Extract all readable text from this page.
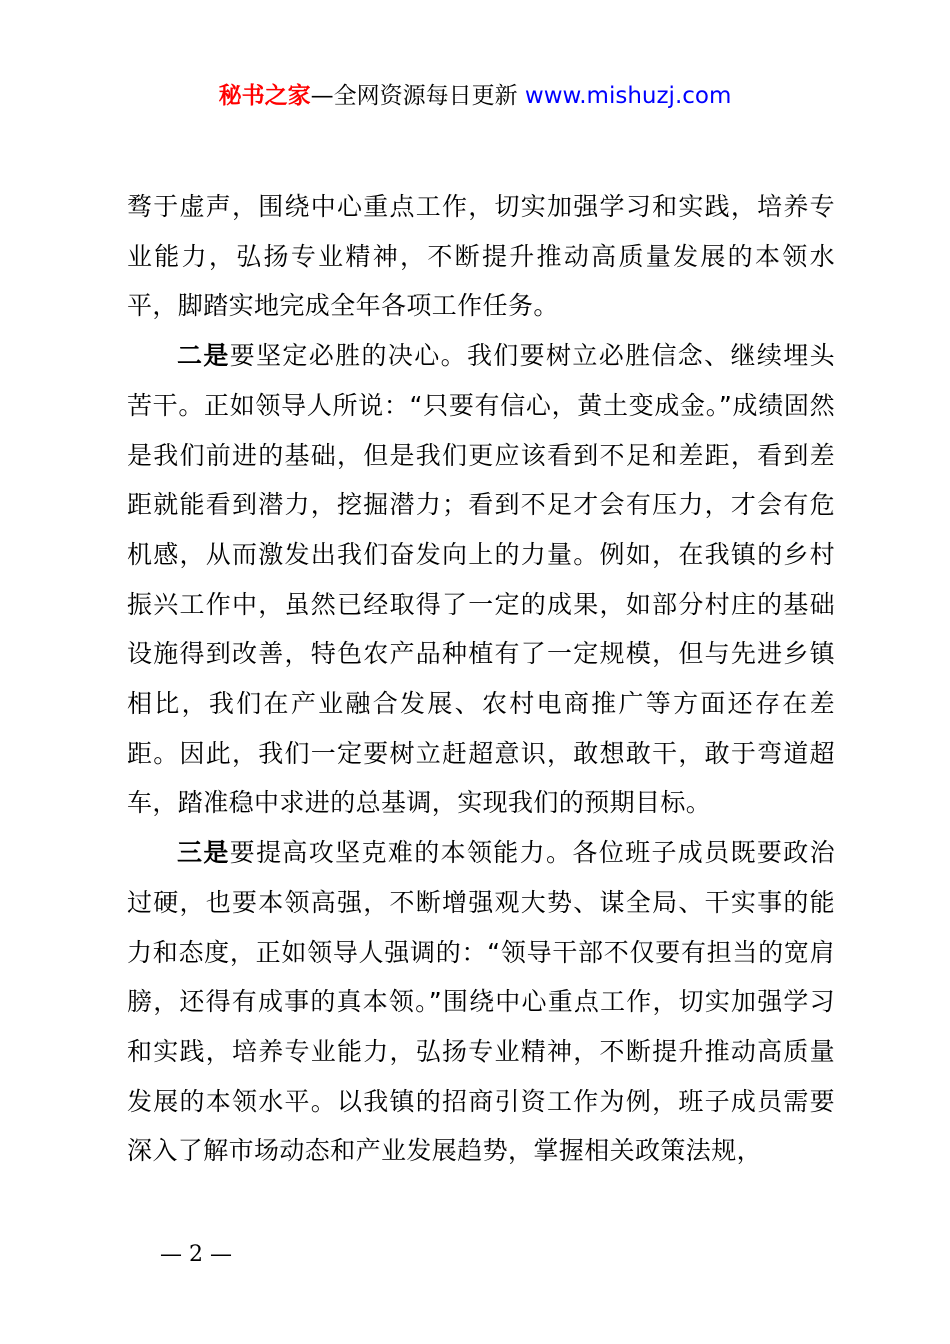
秘书之家—全网资源每日更新 www.mishuzj.com

骛于虚声，围绕中心重点工作，切实加强学习和实践，培养专业能力，弘扬专业精神，不断提升推动高质量发展的本领水平，脚踏实地完成全年各项工作任务。

二是要坚定必胜的决心。我们要树立必胜信念、继续埋头苦干。正如领导人所说：“只要有信心，黄土变成金。”成绩固然是我们前进的基础，但是我们更应该看到不足和差距，看到差距就能看到潜力，挖掘潜力；看到不足才会有压力，才会有危机感，从而激发出我们奋发向上的力量。例如，在我镇的乡村振兴工作中，虽然已经取得了一定的成果，如部分村庄的基础设施得到改善，特色农产品种植有了一定规模，但与先进乡镇相比，我们在产业融合发展、农村电商推广等方面还存在差距。因此，我们一定要树立赶超意识，敢想敢干，敢于弯道超车，踏准稳中求进的总基调，实现我们的预期目标。

三是要提高攻坚克难的本领能力。各位班子成员既要政治过硬，也要本领高强，不断增强观大势、谋全局、干实事的能力和态度，正如领导人强调的：“领导干部不仅要有担当的宽肩膀，还得有成事的真本领。”围绕中心重点工作，切实加强学习和实践，培养专业能力，弘扬专业精神，不断提升推动高质量发展的本领水平。以我镇的招商引资工作为例，班子成员需要深入了解市场动态和产业发展趋势，掌握相关政策法规，

— 2 —
